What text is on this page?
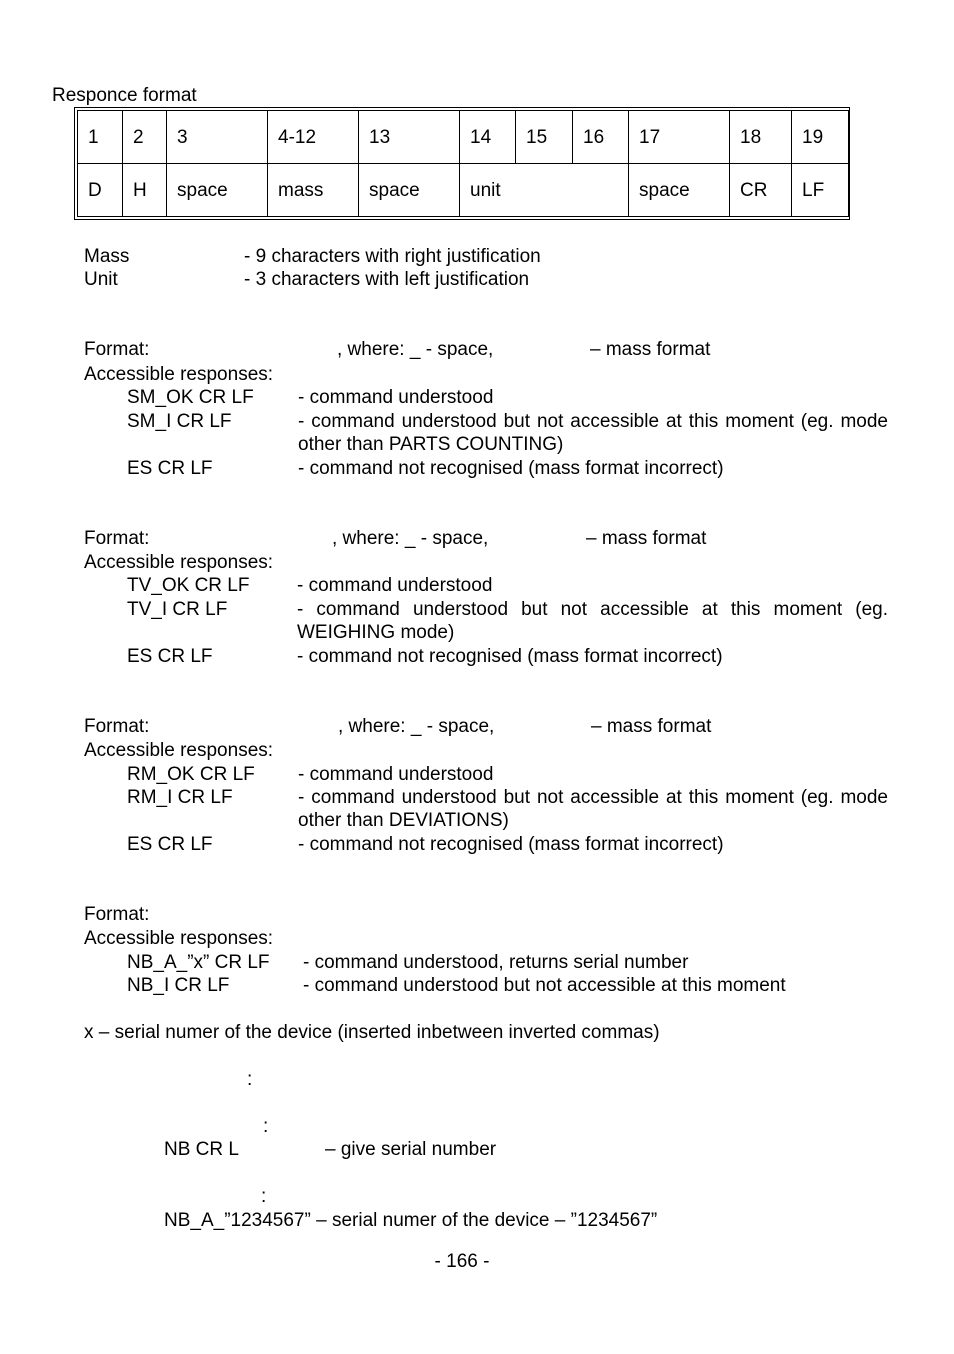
Responce format
1	2	3	4-12	13	14	15	16	17	18	19
D	H	space	mass	space	unit			space	CR	LF
Mass	- 9 characters with right justification
Unit	- 3 characters with left justification
Format:	, where: _ - space,	– mass format
Accessible responses:
SM_OK CR LF - command understood
SM_I CR LF	- command understood but not accessible at this moment (eg. mode other than PARTS COUNTING)
ES CR LF	- command not recognised (mass format incorrect)
Format:	, where: _ - space,	– mass format
Accessible responses:
TV_OK CR LF	- command understood
TV_I CR LF	- command understood but not accessible at this moment (eg. WEIGHING mode)
ES CR LF	- command not recognised (mass format incorrect)
Format:	, where: _ - space,	– mass format
Accessible responses:
RM_OK CR LF - command understood
RM_I CR LF	- command understood but not accessible at this moment (eg. mode other than DEVIATIONS)
ES CR LF	- command not recognised (mass format incorrect)
Format:
Accessible responses:
NB_A_”x” CR LF - command understood, returns serial number
NB_I CR LF	- command understood but not accessible at this moment
x – serial numer of the device (inserted inbetween inverted commas)
:
:
NB CR L	– give serial number
:
NB_A_”1234567” – serial numer of the device – ”1234567”
- 166 -
